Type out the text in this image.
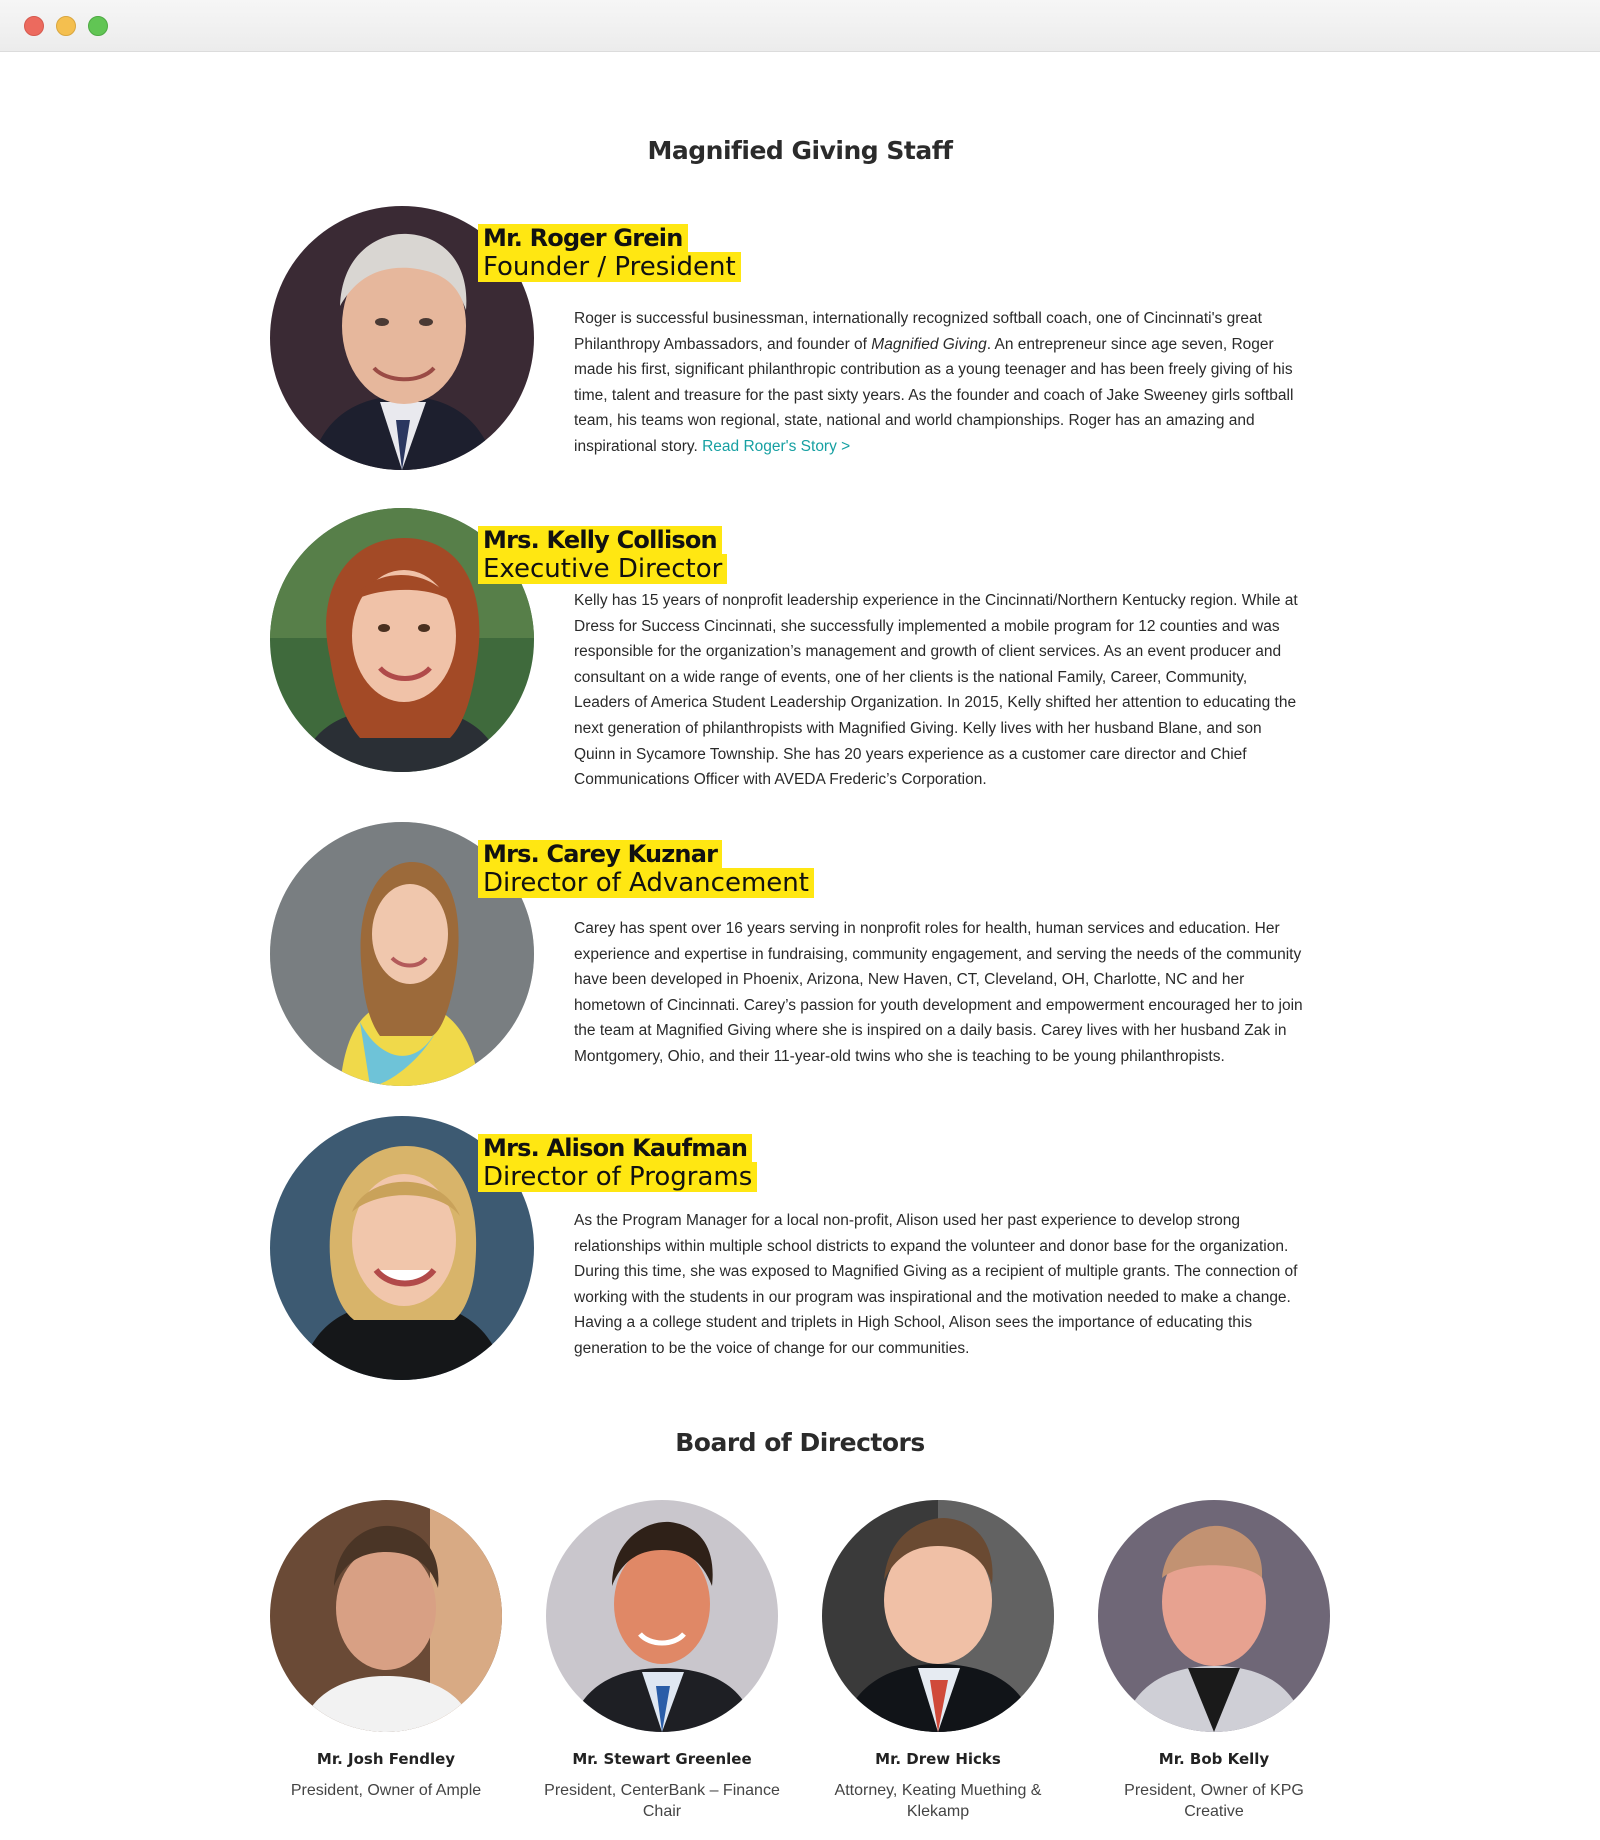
Magnified Giving Staff
Mr. Roger Grein
Founder / President

Roger is successful businessman, internationally recognized softball coach, one of Cincinnati's great Philanthropy Ambassadors, and founder of Magnified Giving. An entrepreneur since age seven, Roger made his first, significant philanthropic contribution as a young teenager and has been freely giving of his time, talent and treasure for the past sixty years. As the founder and coach of Jake Sweeney girls softball team, his teams won regional, state, national and world championships. Roger has an amazing and inspirational story. Read Roger's Story >

Mrs. Kelly Collison
Executive Director

Kelly has 15 years of nonprofit leadership experience in the Cincinnati/Northern Kentucky region. While at Dress for Success Cincinnati, she successfully implemented a mobile program for 12 counties and was responsible for the organization’s management and growth of client services. As an event producer and consultant on a wide range of events, one of her clients is the national Family, Career, Community, Leaders of America Student Leadership Organization. In 2015, Kelly shifted her attention to educating the next generation of philanthropists with Magnified Giving. Kelly lives with her husband Blane, and son Quinn in Sycamore Township. She has 20 years experience as a customer care director and Chief Communications Officer with AVEDA Frederic’s Corporation.

Mrs. Carey Kuznar
Director of Advancement

Carey has spent over 16 years serving in nonprofit roles for health, human services and education. Her experience and expertise in fundraising, community engagement, and serving the needs of the community have been developed in Phoenix, Arizona, New Haven, CT, Cleveland, OH, Charlotte, NC and her hometown of Cincinnati. Carey’s passion for youth development and empowerment encouraged her to join the team at Magnified Giving where she is inspired on a daily basis. Carey lives with her husband Zak in Montgomery, Ohio, and their 11-year-old twins who she is teaching to be young philanthropists.

Mrs. Alison Kaufman
Director of Programs

As the Program Manager for a local non-profit, Alison used her past experience to develop strong relationships within multiple school districts to expand the volunteer and donor base for the organization. During this time, she was exposed to Magnified Giving as a recipient of multiple grants. The connection of working with the students in our program was inspirational and the motivation needed to make a change. Having a a college student and triplets in High School, Alison sees the importance of educating this generation to be the voice of change for our communities.

Board of Directors
Mr. Josh Fendley
President, Owner of Ample
Mr. Stewart Greenlee
President, CenterBank – Finance Chair
Mr. Drew Hicks
Attorney, Keating Muething & Klekamp
Mr. Bob Kelly
President, Owner of KPG Creative
